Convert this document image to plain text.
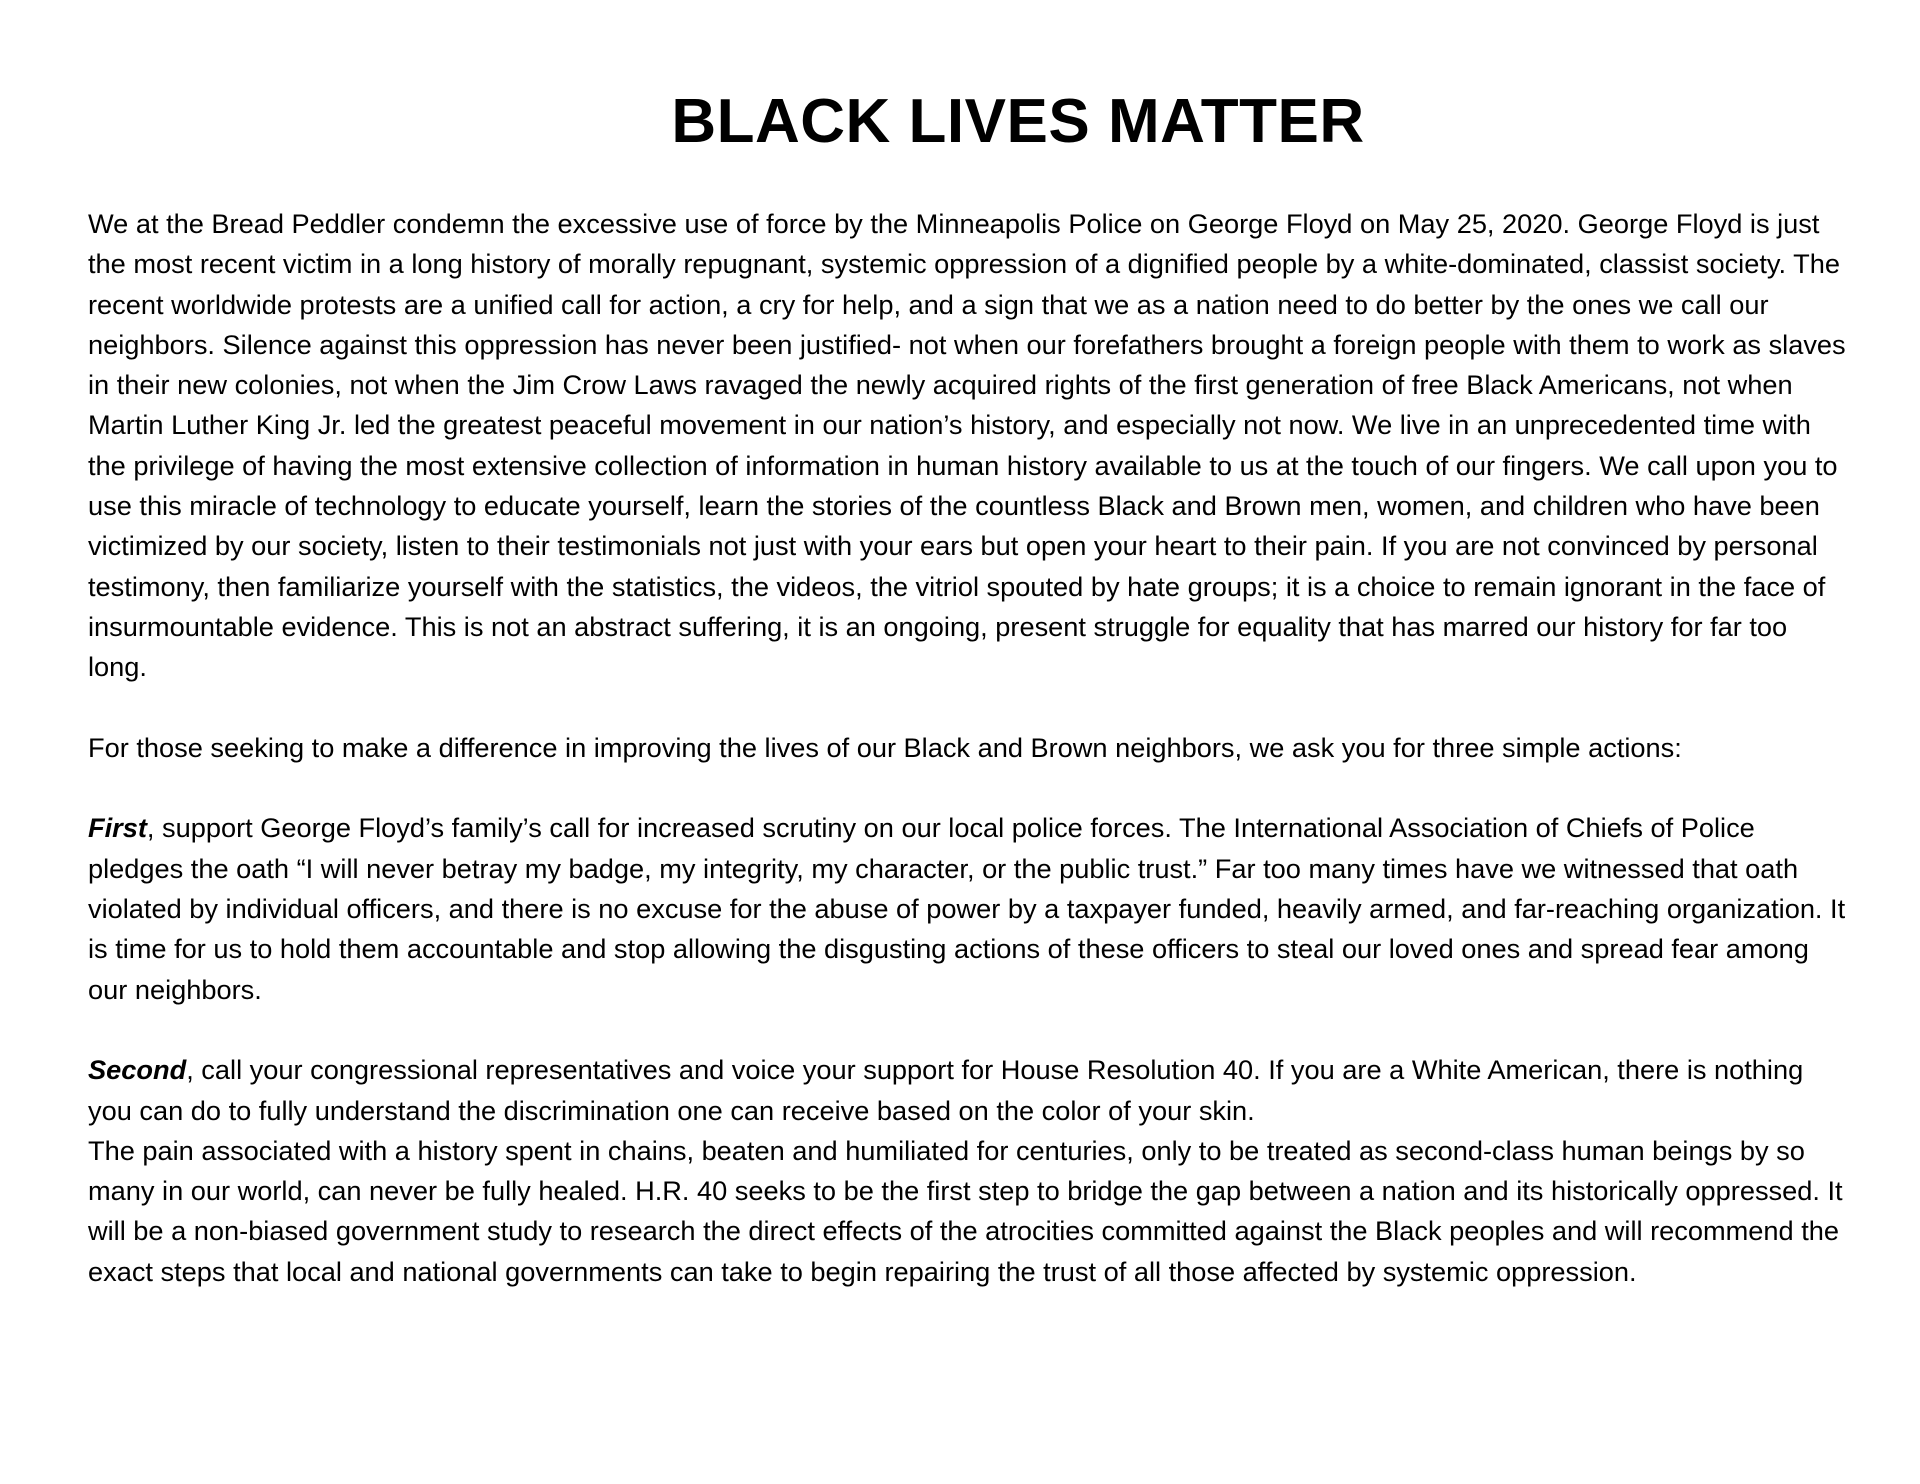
BLACK LIVES MATTER

We at the Bread Peddler condemn the excessive use of force by the Minneapolis Police on George Floyd on May 25, 2020. George Floyd is just the most recent victim in a long history of morally repugnant, systemic oppression of a dignified people by a white-dominated, classist society. The recent worldwide protests are a unified call for action, a cry for help, and a sign that we as a nation need to do better by the ones we call our neighbors. Silence against this oppression has never been justified- not when our forefathers brought a foreign people with them to work as slaves in their new colonies, not when the Jim Crow Laws ravaged the newly acquired rights of the first generation of free Black Americans, not when Martin Luther King Jr. led the greatest peaceful movement in our nation’s history, and especially not now. We live in an unprecedented time with the privilege of having the most extensive collection of information in human history available to us at the touch of our fingers. We call upon you to use this miracle of technology to educate yourself, learn the stories of the countless Black and Brown men, women, and children who have been victimized by our society, listen to their testimonials not just with your ears but open your heart to their pain. If you are not convinced by personal testimony, then familiarize yourself with the statistics, the videos, the vitriol spouted by hate groups; it is a choice to remain ignorant in the face of insurmountable evidence. This is not an abstract suffering, it is an ongoing, present struggle for equality that has marred our history for far too long.

For those seeking to make a difference in improving the lives of our Black and Brown neighbors, we ask you for three simple actions:

First, support George Floyd’s family’s call for increased scrutiny on our local police forces. The International Association of Chiefs of Police pledges the oath “I will never betray my badge, my integrity, my character, or the public trust.” Far too many times have we witnessed that oath violated by individual officers, and there is no excuse for the abuse of power by a taxpayer funded, heavily armed, and far-reaching organization. It is time for us to hold them accountable and stop allowing the disgusting actions of these officers to steal our loved ones and spread fear among our neighbors.

Second, call your congressional representatives and voice your support for House Resolution 40. If you are a White American, there is nothing you can do to fully understand the discrimination one can receive based on the color of your skin.

The pain associated with a history spent in chains, beaten and humiliated for centuries, only to be treated as second-class human beings by so many in our world, can never be fully healed. H.R. 40 seeks to be the first step to bridge the gap between a nation and its historically oppressed. It will be a non-biased government study to research the direct effects of the atrocities committed against the Black peoples and will recommend the exact steps that local and national governments can take to begin repairing the trust of all those affected by systemic oppression.
